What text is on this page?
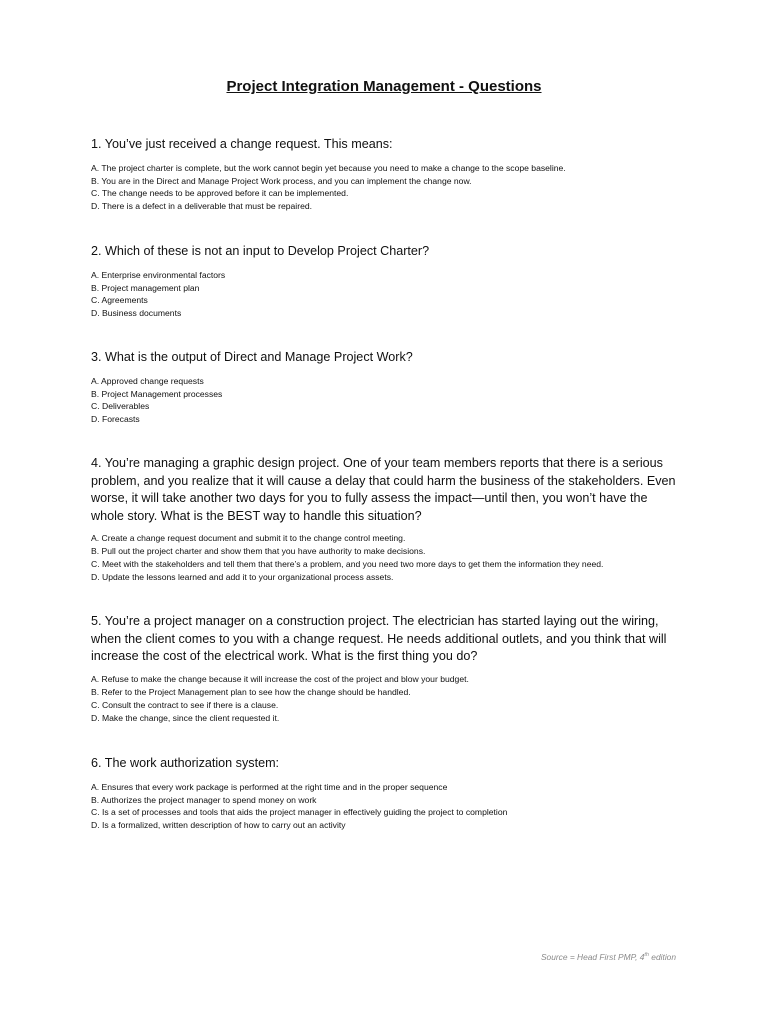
Project Integration Management - Questions

1. You’ve just received a change request. This means:

A. The project charter is complete, but the work cannot begin yet because you need to make a change to the scope baseline.
B. You are in the Direct and Manage Project Work process, and you can implement the change now.
C. The change needs to be approved before it can be implemented.
D. There is a defect in a deliverable that must be repaired.

2. Which of these is not an input to Develop Project Charter?

A. Enterprise environmental factors
B. Project management plan
C. Agreements
D. Business documents

3. What is the output of Direct and Manage Project Work?

A. Approved change requests
B. Project Management processes
C. Deliverables
D. Forecasts

4. You’re managing a graphic design project. One of your team members reports that there is a serious problem, and you realize that it will cause a delay that could harm the business of the stakeholders. Even worse, it will take another two days for you to fully assess the impact—until then, you won’t have the whole story. What is the BEST way to handle this situation?

A. Create a change request document and submit it to the change control meeting.
B. Pull out the project charter and show them that you have authority to make decisions.
C. Meet with the stakeholders and tell them that there’s a problem, and you need two more days to get them the information they need.
D. Update the lessons learned and add it to your organizational process assets.

5. You’re a project manager on a construction project. The electrician has started laying out the wiring, when the client comes to you with a change request. He needs additional outlets, and you think that will increase the cost of the electrical work. What is the first thing you do?

A. Refuse to make the change because it will increase the cost of the project and blow your budget.
B. Refer to the Project Management plan to see how the change should be handled.
C. Consult the contract to see if there is a clause.
D. Make the change, since the client requested it.

6. The work authorization system:

A. Ensures that every work package is performed at the right time and in the proper sequence
B. Authorizes the project manager to spend money on work
C. Is a set of processes and tools that aids the project manager in effectively guiding the project to completion
D. Is a formalized, written description of how to carry out an activity

Source = Head First PMP, 4th edition
